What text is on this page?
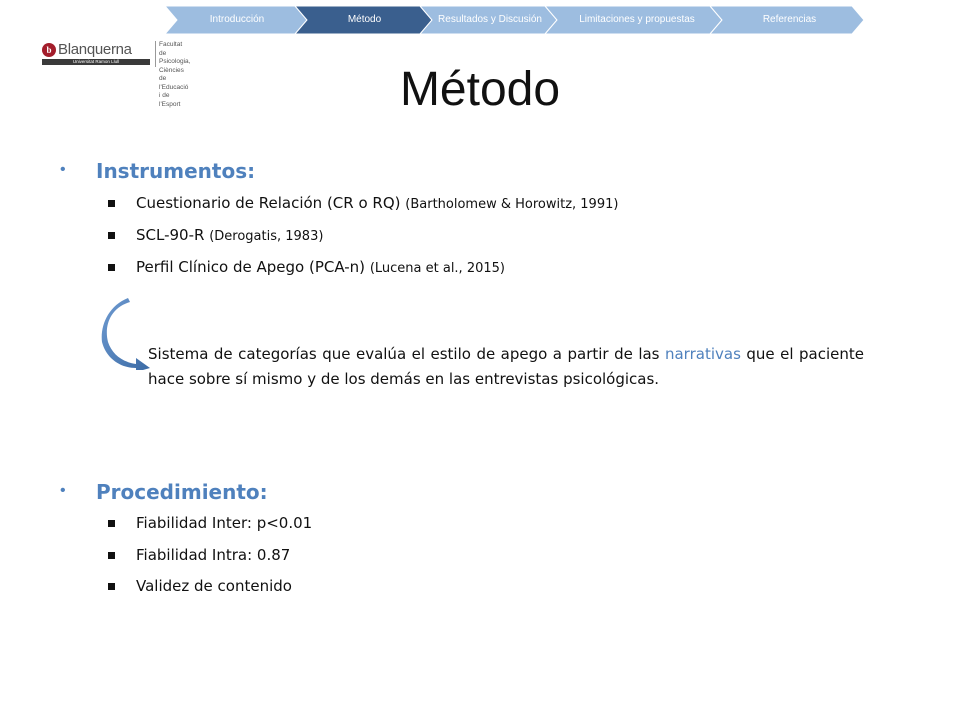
Introducción	Método	Resultados y Discusión	Limitaciones y propuestas	Referencias
b Blanquerna
Universitat Ramon Llull
Facultat de Psicologia,
Ciències de l'Educació
i de l'Esport	Método
• Instrumentos:
Cuestionario de Relación (CR o RQ) (Bartholomew & Horowitz, 1991)
SCL-90-R (Derogatis, 1983)
Perfil Clínico de Apego (PCA-n) (Lucena et al., 2015)
Sistema de categorías que evalúa el estilo de apego a partir de las narrativas que el paciente hace sobre sí mismo y de los demás en las entrevistas psicológicas.
• Procedimiento:
Fiabilidad Inter: p<0.01
Fiabilidad Intra: 0.87
Validez de contenido
